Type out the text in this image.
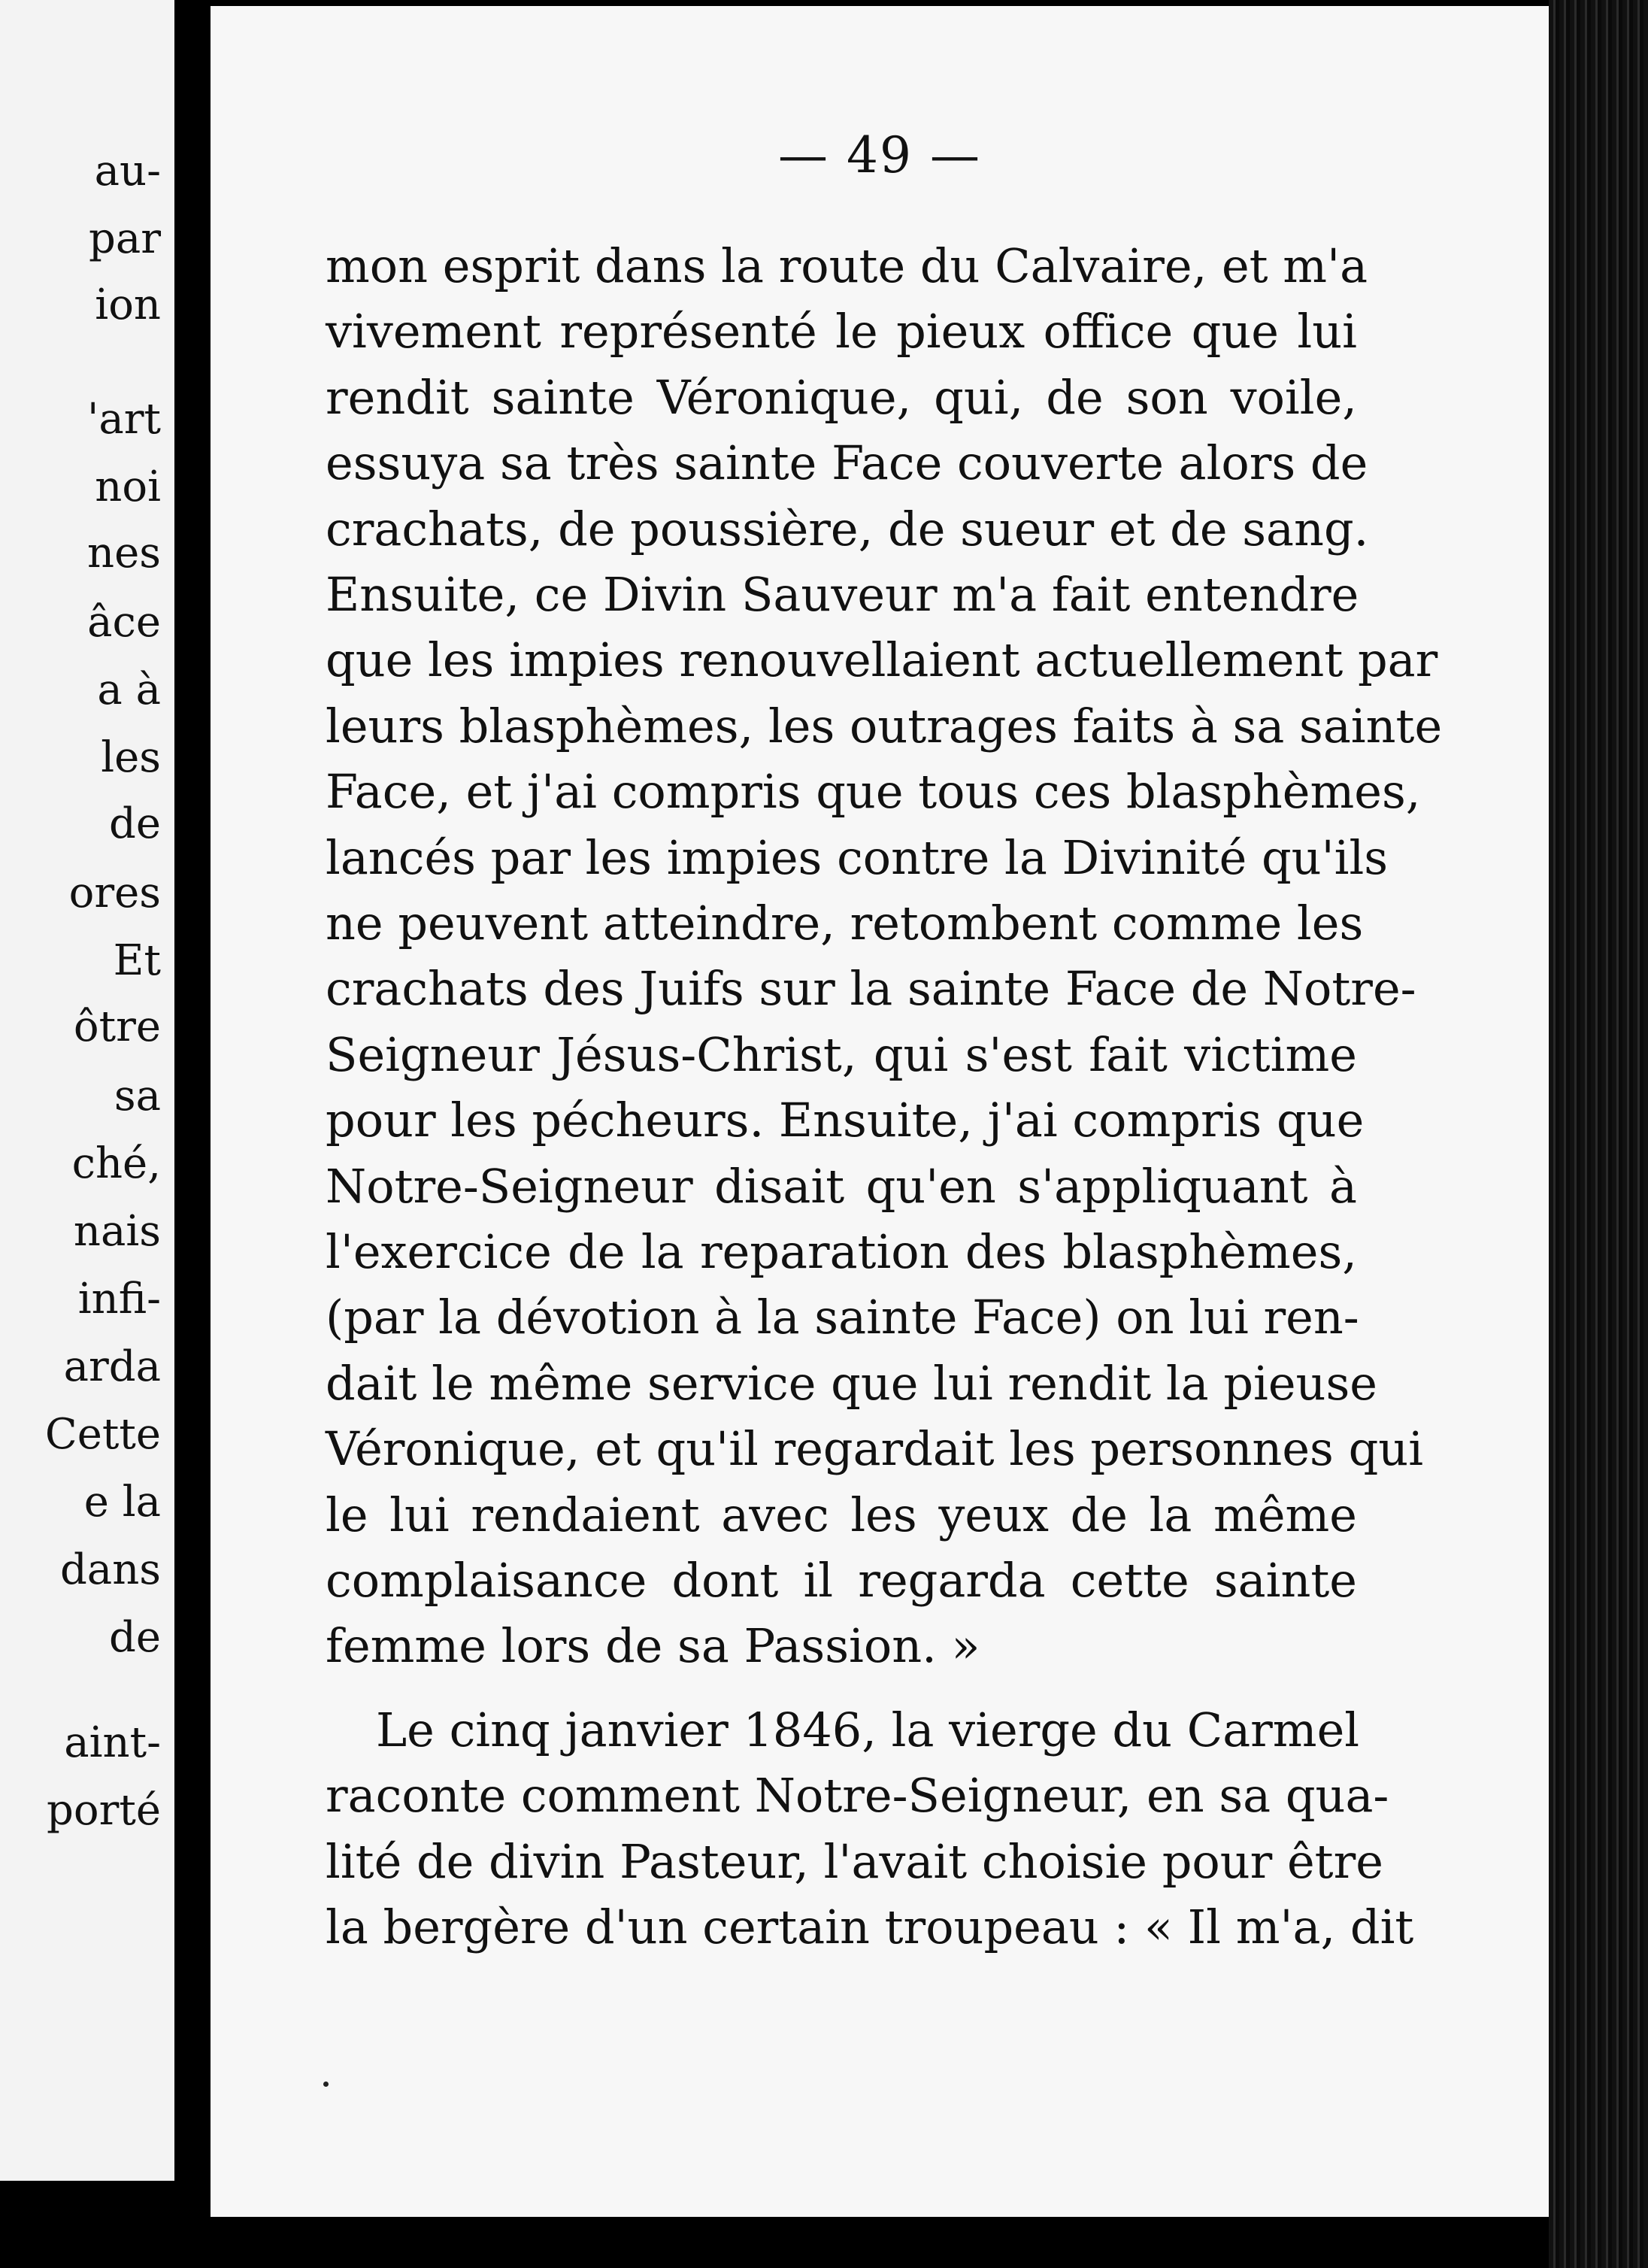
au-
par
ion
'art
noi
nes
âce
a à
les
de
ores
Et
ôtre
sa
ché,
nais
infi-
arda
Cette
e la
dans
de
aint-
porté
— 49 —
mon esprit dans la route du Calvaire, et m'a
vivement représenté le pieux office que lui
rendit sainte Véronique, qui, de son voile,
essuya sa très sainte Face couverte alors de
crachats, de poussière, de sueur et de sang.
Ensuite, ce Divin Sauveur m'a fait entendre
que les impies renouvellaient actuellement par
leurs blasphèmes, les outrages faits à sa sainte
Face, et j'ai compris que tous ces blasphèmes,
lancés par les impies contre la Divinité qu'ils
ne peuvent atteindre, retombent comme les
crachats des Juifs sur la sainte Face de Notre-
Seigneur Jésus-Christ, qui s'est fait victime
pour les pécheurs. Ensuite, j'ai compris que
Notre-Seigneur disait qu'en s'appliquant à
l'exercice de la reparation des blasphèmes,
(par la dévotion à la sainte Face) on lui ren-
dait le même service que lui rendit la pieuse
Véronique, et qu'il regardait les personnes qui
le lui rendaient avec les yeux de la même
complaisance dont il regarda cette sainte
femme lors de sa Passion. »
Le cinq janvier 1846, la vierge du Carmel
raconte comment Notre-Seigneur, en sa qua-
lité de divin Pasteur, l'avait choisie pour être
la bergère d'un certain troupeau : « Il m'a, dit
